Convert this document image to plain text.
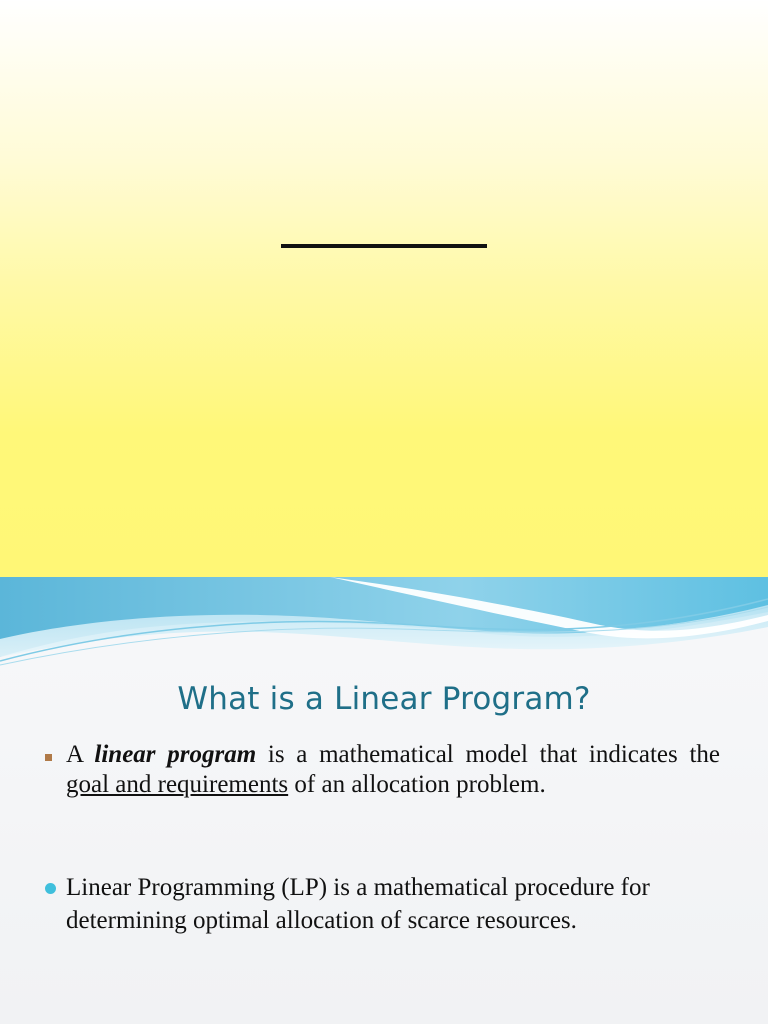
What is a Linear Program?
A linear program is a mathematical model that indicates the goal and requirements of an allocation problem.
Linear Programming (LP) is a mathematical procedure for determining optimal allocation of scarce resources.
